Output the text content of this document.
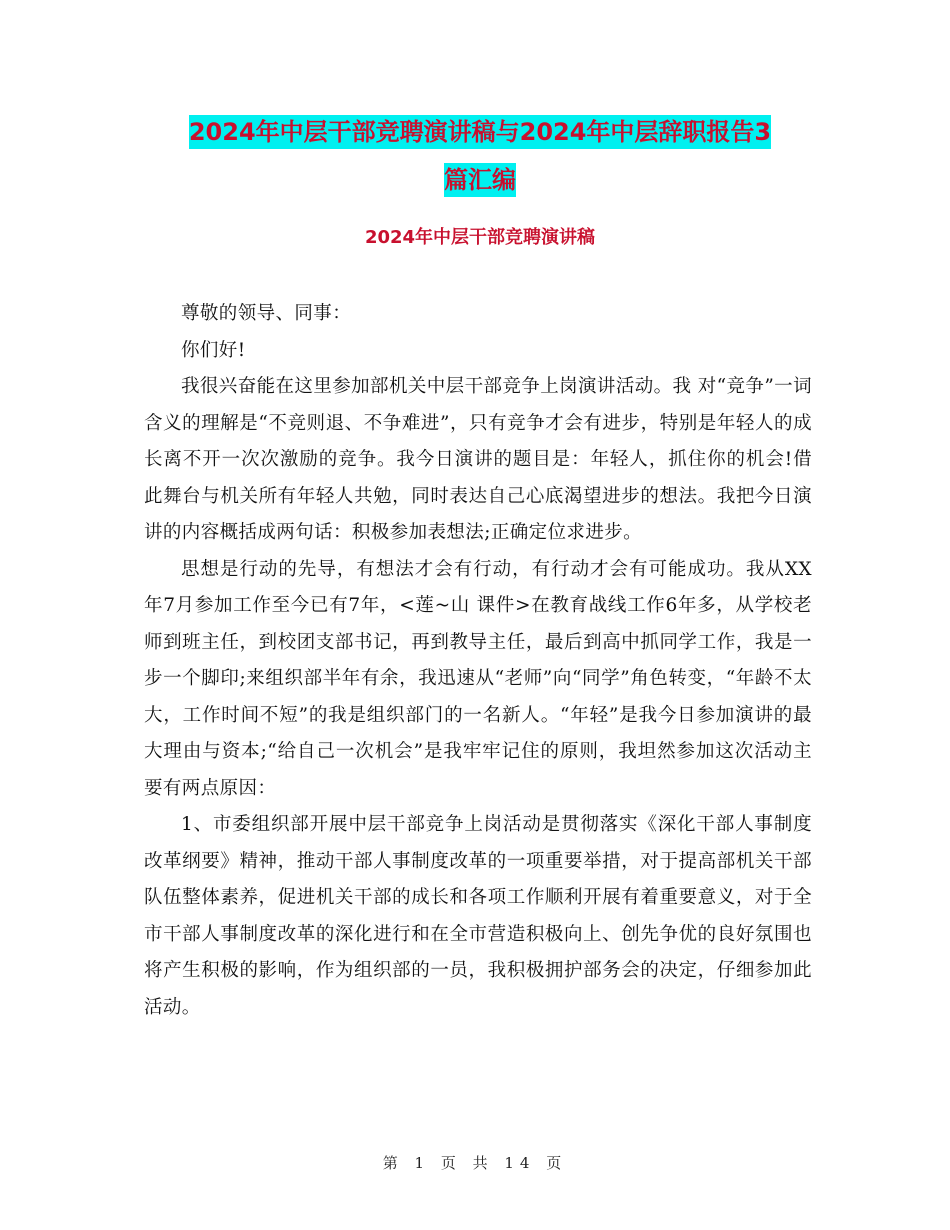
2024年中层干部竞聘演讲稿与2024年中层辞职报告3
篇汇编
2024年中层干部竞聘演讲稿

尊敬的领导、同事：

你们好!

我很兴奋能在这里参加部机关中层干部竞争上岗演讲活动。我 对“竞争”一词含义的理解是“不竞则退、不争难进”，只有竞争才会有进步，特别是年轻人的成长离不开一次次激励的竞争。我今日演讲的题目是：年轻人，抓住你的机会!借此舞台与机关所有年轻人共勉，同时表达自己心底渴望进步的想法。我把今日演讲的内容概括成两句话：积极参加表想法;正确定位求进步。

思想是行动的先导，有想法才会有行动，有行动才会有可能成功。我从XX年7月参加工作至今已有7年，<莲~山 课件>在教育战线工作6年多，从学校老师到班主任，到校团支部书记，再到教导主任，最后到高中抓同学工作，我是一步一个脚印;来组织部半年有余，我迅速从“老师”向“同学”角色转变，“年龄不太大，工作时间不短”的我是组织部门的一名新人。“年轻”是我今日参加演讲的最大理由与资本;“给自己一次机会”是我牢牢记住的原则，我坦然参加这次活动主要有两点原因：

1、市委组织部开展中层干部竞争上岗活动是贯彻落实《深化干部人事制度改革纲要》精神，推动干部人事制度改革的一项重要举措，对于提高部机关干部队伍整体素养，促进机关干部的成长和各项工作顺利开展有着重要意义，对于全市干部人事制度改革的深化进行和在全市营造积极向上、创先争优的良好氛围也将产生积极的影响，作为组织部的一员，我积极拥护部务会的决定，仔细参加此活动。

第 1 页 共 14 页
